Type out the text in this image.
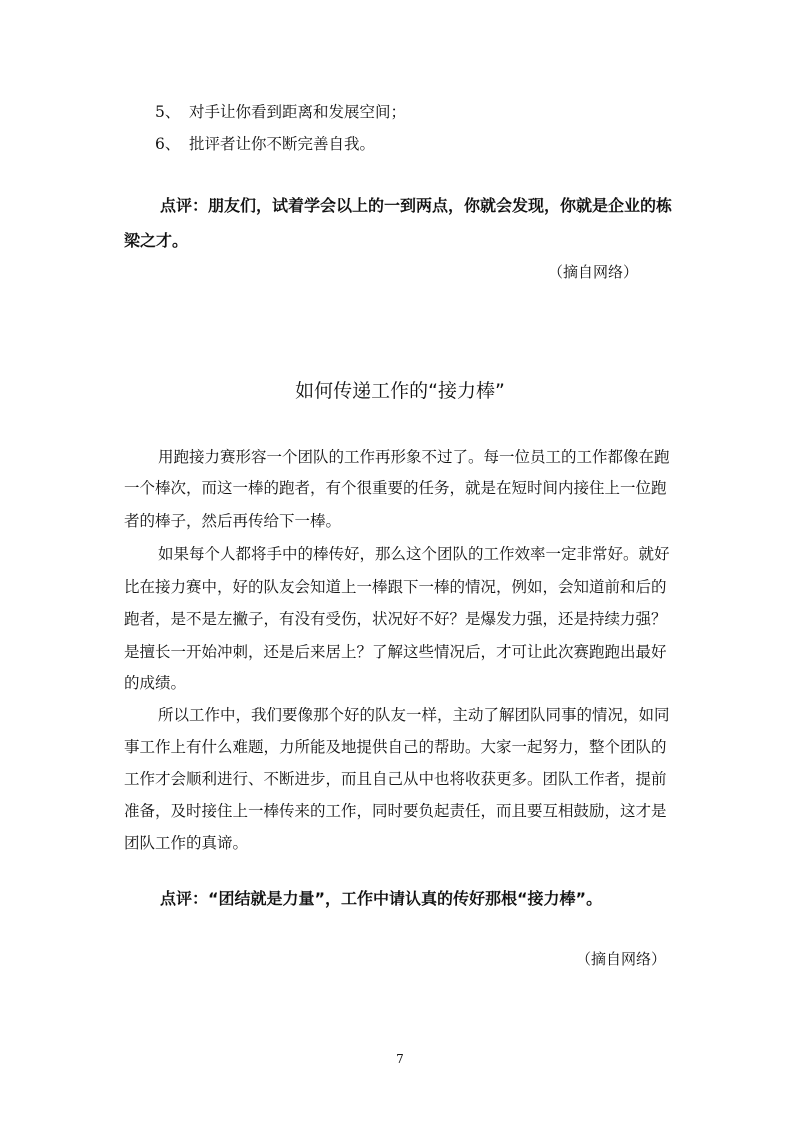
5、 对手让你看到距离和发展空间；
6、 批评者让你不断完善自我。
点评：朋友们，试着学会以上的一到两点，你就会发现，你就是企业的栋
梁之才。
（摘自网络）
如何传递工作的“接力棒”
用跑接力赛形容一个团队的工作再形象不过了。每一位员工的工作都像在跑
一个棒次，而这一棒的跑者，有个很重要的任务，就是在短时间内接住上一位跑
者的棒子，然后再传给下一棒。
如果每个人都将手中的棒传好，那么这个团队的工作效率一定非常好。就好
比在接力赛中，好的队友会知道上一棒跟下一棒的情况，例如，会知道前和后的
跑者，是不是左撇子，有没有受伤，状况好不好？是爆发力强，还是持续力强？
是擅长一开始冲刺，还是后来居上？了解这些情况后，才可让此次赛跑跑出最好
的成绩。
所以工作中，我们要像那个好的队友一样，主动了解团队同事的情况，如同
事工作上有什么难题，力所能及地提供自己的帮助。大家一起努力，整个团队的
工作才会顺利进行、不断进步，而且自己从中也将收获更多。团队工作者，提前
准备，及时接住上一棒传来的工作，同时要负起责任，而且要互相鼓励，这才是
团队工作的真谛。
点评：“团结就是力量”，工作中请认真的传好那根“接力棒”。
（摘自网络）
7
